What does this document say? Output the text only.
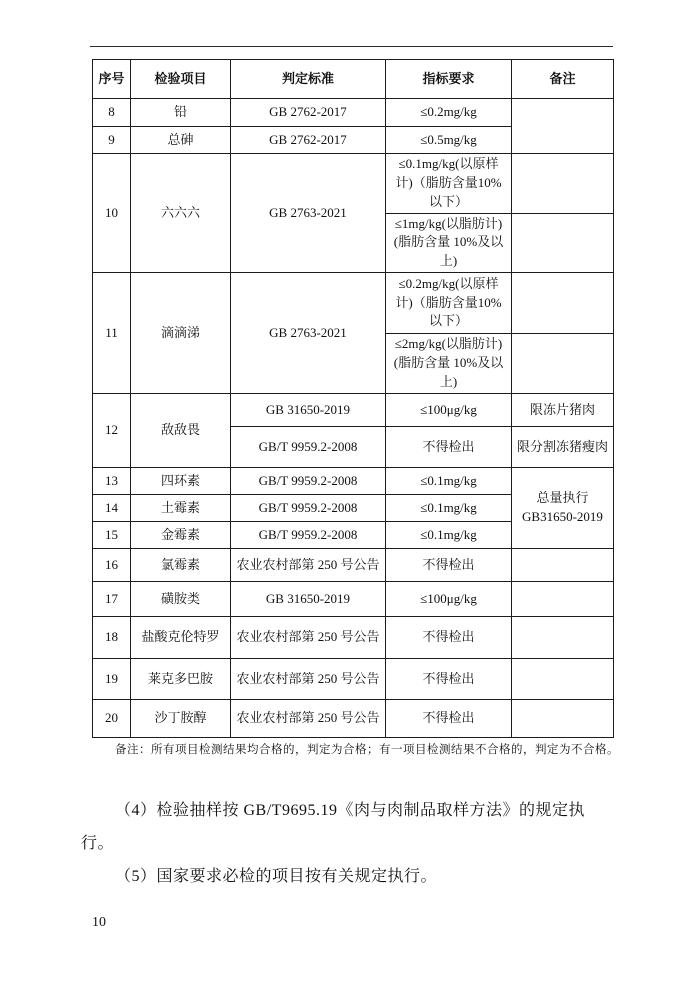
序号	检验项目	判定标准	指标要求	备注
8	铅	GB 2762-2017	≤0.2mg/kg	
9	总砷	GB 2762-2017	≤0.5mg/kg	
10	六六六	GB 2763-2021	≤0.1mg/kg(以原样计)（脂肪含量10%以下）	
			≤1mg/kg(以脂肪计)(脂肪含量 10%及以上)	
11	滴滴涕	GB 2763-2021	≤0.2mg/kg(以原样计)（脂肪含量10%以下）	
			≤2mg/kg(以脂肪计)(脂肪含量 10%及以上)	
12	敌敌畏	GB 31650-2019	≤100μg/kg	限冻片猪肉
		GB/T 9959.2-2008	不得检出	限分割冻猪瘦肉
13	四环素	GB/T 9959.2-2008	≤0.1mg/kg	总量执行GB31650-2019
14	土霉素	GB/T 9959.2-2008	≤0.1mg/kg	
15	金霉素	GB/T 9959.2-2008	≤0.1mg/kg	
16	氯霉素	农业农村部第 250 号公告	不得检出	
17	磺胺类	GB 31650-2019	≤100μg/kg	
18	盐酸克伦特罗	农业农村部第 250 号公告	不得检出	
19	莱克多巴胺	农业农村部第 250 号公告	不得检出	
20	沙丁胺醇	农业农村部第 250 号公告	不得检出	
备注：所有项目检测结果均合格的，判定为合格；有一项目检测结果不合格的，判定为不合格。

（4）检验抽样按 GB/T9695.19《肉与肉制品取样方法》的规定执行。

（5）国家要求必检的项目按有关规定执行。

10
